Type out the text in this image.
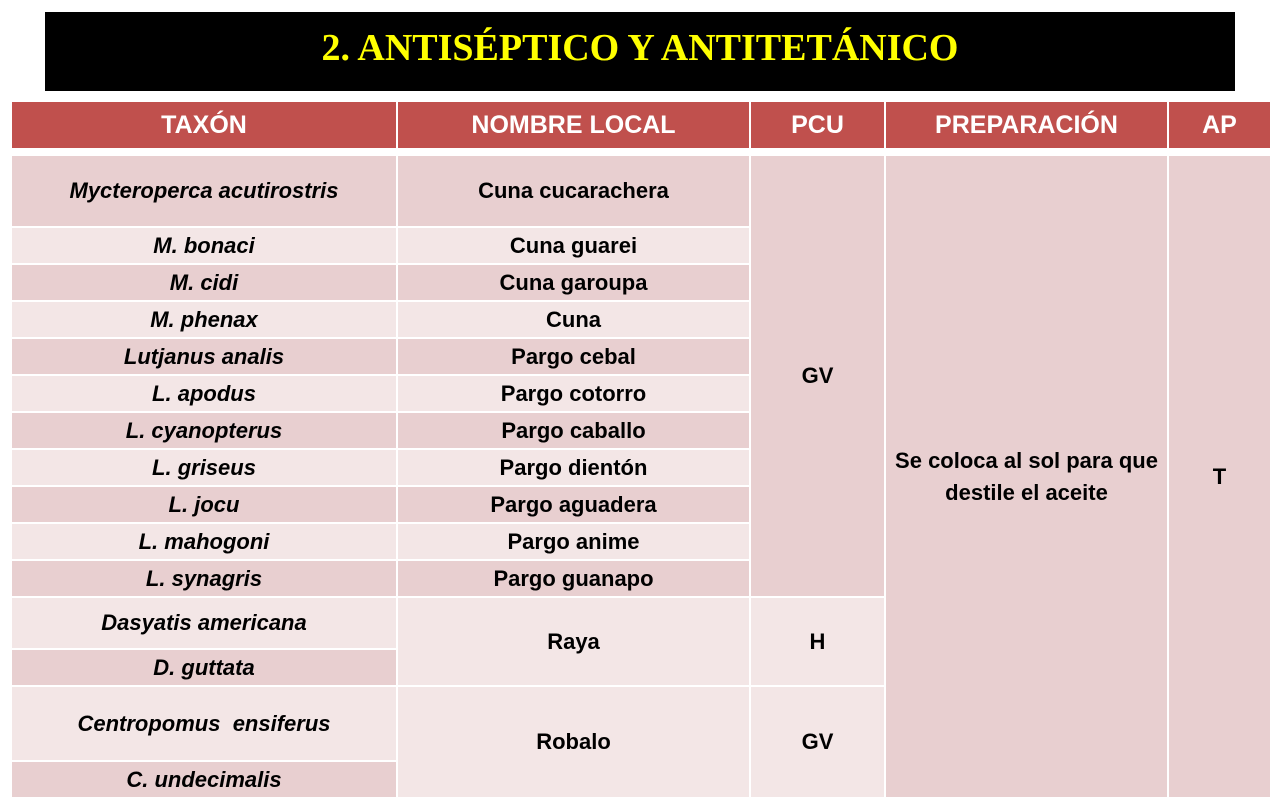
2. ANTISÉPTICO Y ANTITETÁNICO
TAXÓN	NOMBRE LOCAL	PCU	PREPARACIÓN	AP

Mycteroperca acutirostris	Cuna cucarachera	GV	Se coloca al sol para que destile el aceite	T
M. bonaci	Cuna guarei			
M. cidi	Cuna garoupa			
M. phenax	Cuna			
Lutjanus analis	Pargo cebal			
L. apodus	Pargo cotorro			
L. cyanopterus	Pargo caballo			
L. griseus	Pargo dientón			
L. jocu	Pargo aguadera			
L. mahogoni	Pargo anime			
L. synagris	Pargo guanapo			
Dasyatis americana	Raya	H		
D. guttata				
Centropomus  ensiferus	Robalo	GV		
C. undecimalis				
